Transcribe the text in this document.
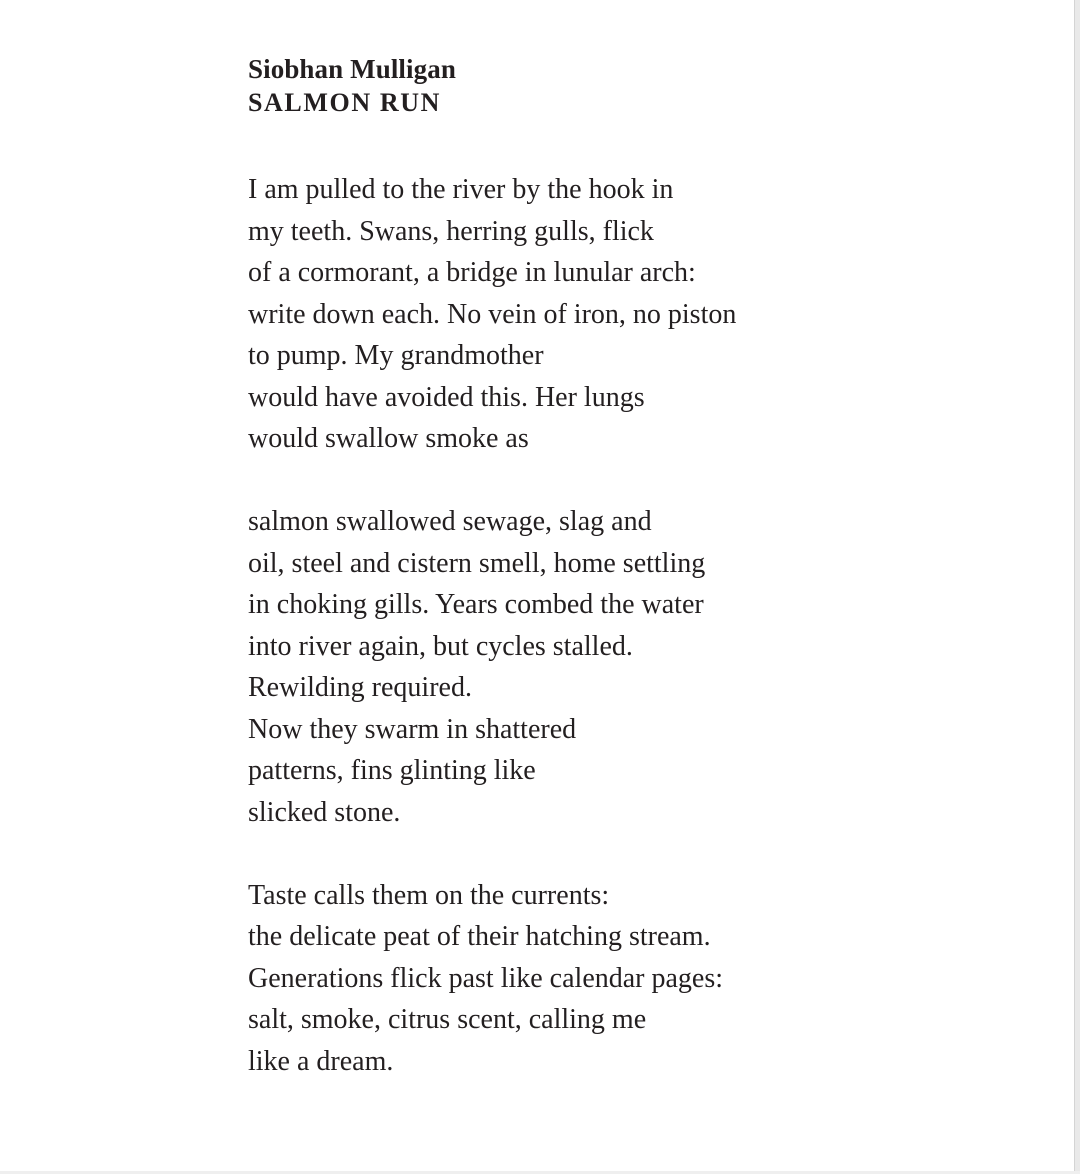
Siobhan Mulligan

SALMON RUN

I am pulled to the river by the hook in
my teeth. Swans, herring gulls, flick
of a cormorant, a bridge in lunular arch:
write down each. No vein of iron, no piston
to pump. My grandmother
would have avoided this. Her lungs
would swallow smoke as

salmon swallowed sewage, slag and
oil, steel and cistern smell, home settling
in choking gills. Years combed the water
into river again, but cycles stalled.
Rewilding required.
Now they swarm in shattered
patterns, fins glinting like
slicked stone.

Taste calls them on the currents:
the delicate peat of their hatching stream.
Generations flick past like calendar pages:
salt, smoke, citrus scent, calling me
like a dream.
